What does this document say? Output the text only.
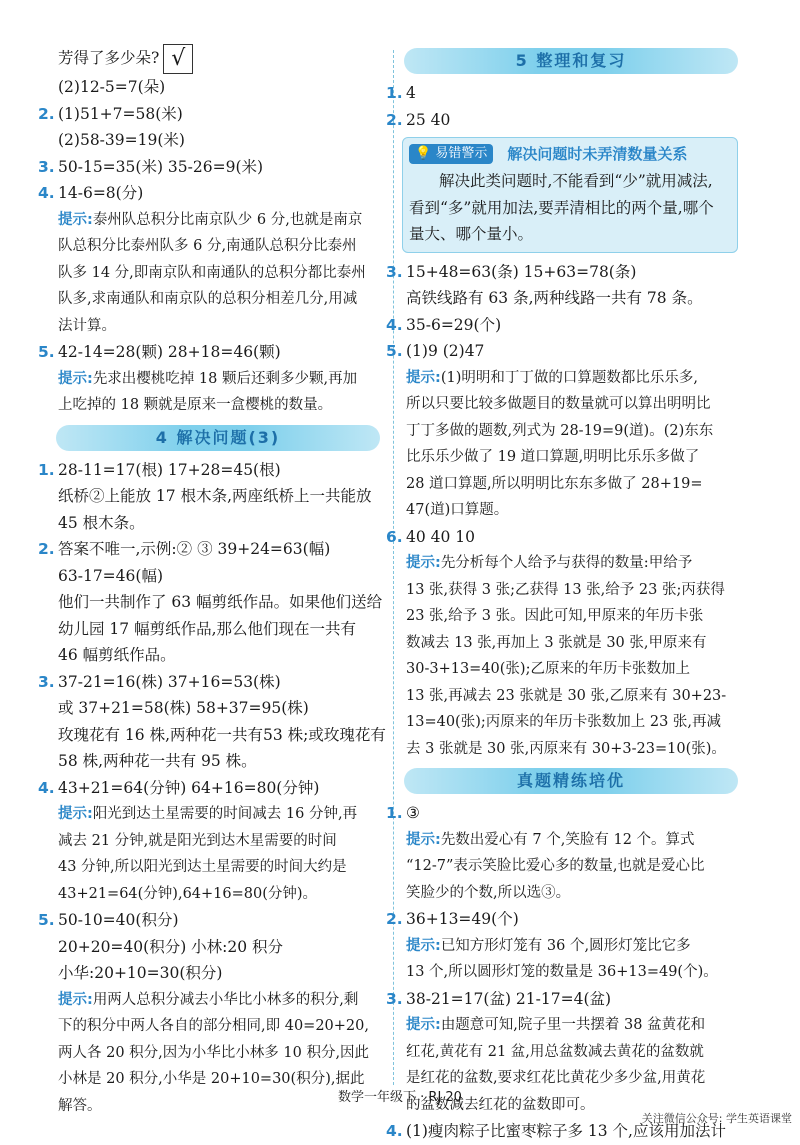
芳得了多少朵? √
(2)12-5=7(朵)
2. (1)51+7=58(米)
(2)58-39=19(米)
3. 50-15=35(米) 35-26=9(米)
4. 14-6=8(分)
提示:泰州队总积分比南京队少 6 分,也就是南京
队总积分比泰州队多 6 分,南通队总积分比泰州
队多 14 分,即南京队和南通队的总积分都比泰州
队多,求南通队和南京队的总积分相差几分,用减
法计算。
5. 42-14=28(颗) 28+18=46(颗)
提示:先求出樱桃吃掉 18 颗后还剩多少颗,再加
上吃掉的 18 颗就是原来一盒樱桃的数量。
4 解决问题(3)
1. 28-11=17(根) 17+28=45(根)
纸桥②上能放 17 根木条,两座纸桥上一共能放
45 根木条。
2. 答案不唯一,示例:② ③ 39+24=63(幅)
63-17=46(幅)
他们一共制作了 63 幅剪纸作品。如果他们送给
幼儿园 17 幅剪纸作品,那么他们现在一共有
46 幅剪纸作品。
3. 37-21=16(株) 37+16=53(株)
或 37+21=58(株) 58+37=95(株)
玫瑰花有 16 株,两种花一共有53 株;或玫瑰花有
58 株,两种花一共有 95 株。
4. 43+21=64(分钟) 64+16=80(分钟)
提示:阳光到达土星需要的时间减去 16 分钟,再
减去 21 分钟,就是阳光到达木星需要的时间
43 分钟,所以阳光到达土星需要的时间大约是
43+21=64(分钟),64+16=80(分钟)。
5. 50-10=40(积分)
20+20=40(积分) 小林:20 积分
小华:20+10=30(积分)
提示:用两人总积分减去小华比小林多的积分,剩
下的积分中两人各自的部分相同,即 40=20+20,
两人各 20 积分,因为小华比小林多 10 积分,因此
小林是 20 积分,小华是 20+10=30(积分),据此
解答。
5 整理和复习
1. 4
2. 25 40
💡 易错警示	解决问题时未弄清数量关系
解决此类问题时,不能看到“少”就用减法,
看到“多”就用加法,要弄清相比的两个量,哪个
量大、哪个量小。
3. 15+48=63(条) 15+63=78(条)
高铁线路有 63 条,两种线路一共有 78 条。
4. 35-6=29(个)
5. (1)9 (2)47
提示:(1)明明和丁丁做的口算题数都比乐乐多,
所以只要比较多做题目的数量就可以算出明明比
丁丁多做的题数,列式为 28-19=9(道)。(2)东东
比乐乐少做了 19 道口算题,明明比乐乐多做了
28 道口算题,所以明明比东东多做了 28+19=
47(道)口算题。
6. 40 40 10
提示:先分析每个人给予与获得的数量:甲给予
13 张,获得 3 张;乙获得 13 张,给予 23 张;丙获得
23 张,给予 3 张。因此可知,甲原来的年历卡张
数减去 13 张,再加上 3 张就是 30 张,甲原来有
30-3+13=40(张);乙原来的年历卡张数加上
13 张,再减去 23 张就是 30 张,乙原来有 30+23-
13=40(张);丙原来的年历卡张数加上 23 张,再减
去 3 张就是 30 张,丙原来有 30+3-23=10(张)。
真题精练培优
1. ③
提示:先数出爱心有 7 个,笑脸有 12 个。算式
“12-7”表示笑脸比爱心多的数量,也就是爱心比
笑脸少的个数,所以选③。
2. 36+13=49(个)
提示:已知方形灯笼有 36 个,圆形灯笼比它多
13 个,所以圆形灯笼的数量是 36+13=49(个)。
3. 38-21=17(盆) 21-17=4(盆)
提示:由题意可知,院子里一共摆着 38 盆黄花和
红花,黄花有 21 盆,用总盆数减去黄花的盆数就
是红花的盆数,要求红花比黄花少多少盆,用黄花
的盆数减去红花的盆数即可。
4. (1)瘦肉粽子比蜜枣粽子多 13 个,应该用加法计
数学一年级下 · RJ 20
关注微信公众号: 学生英语课堂
